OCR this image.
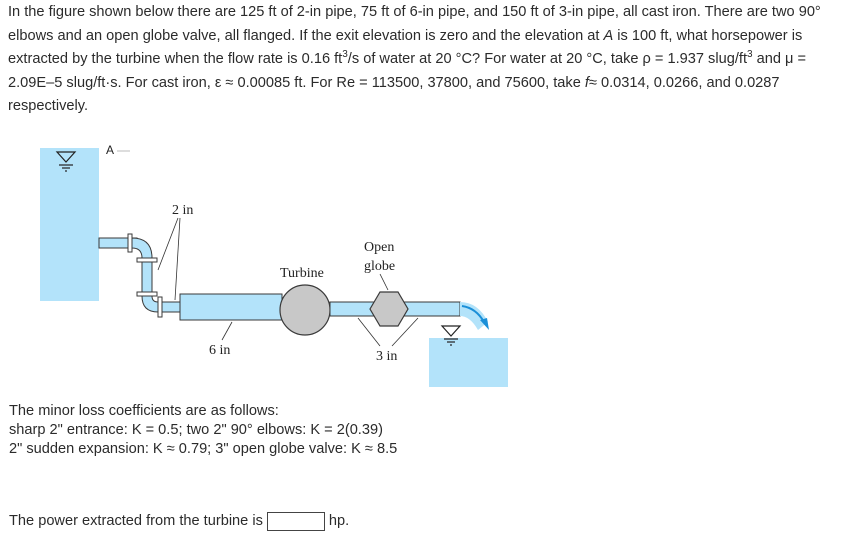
In the figure shown below there are 125 ft of 2-in pipe, 75 ft of 6-in pipe, and 150 ft of 3-in pipe, all cast iron. There are two 90° elbows and an open globe valve, all flanged. If the exit elevation is zero and the elevation at A is 100 ft, what horsepower is extracted by the turbine when the flow rate is 0.16 $ft^3/s$ of water at 20 °C? For water at 20 °C, take ρ = 1.937 slug/$ft^3$ and μ = 2.09E–5 slug/ft·s. For cast iron, ε ≈ 0.00085 ft. For Re = 113500, 37800, and 75600, take f≈ 0.0314, 0.0266, and 0.0287 respectively.

A
2 in
Turbine
Open
globe
6 in	3 in
The minor loss coefficients are as follows:
sharp 2" entrance: K = 0.5; two 2" 90° elbows: K = 2(0.39)
2" sudden expansion: K ≈ 0.79; 3" open globe valve: K ≈ 8.5
The power extracted from the turbine is	hp.
